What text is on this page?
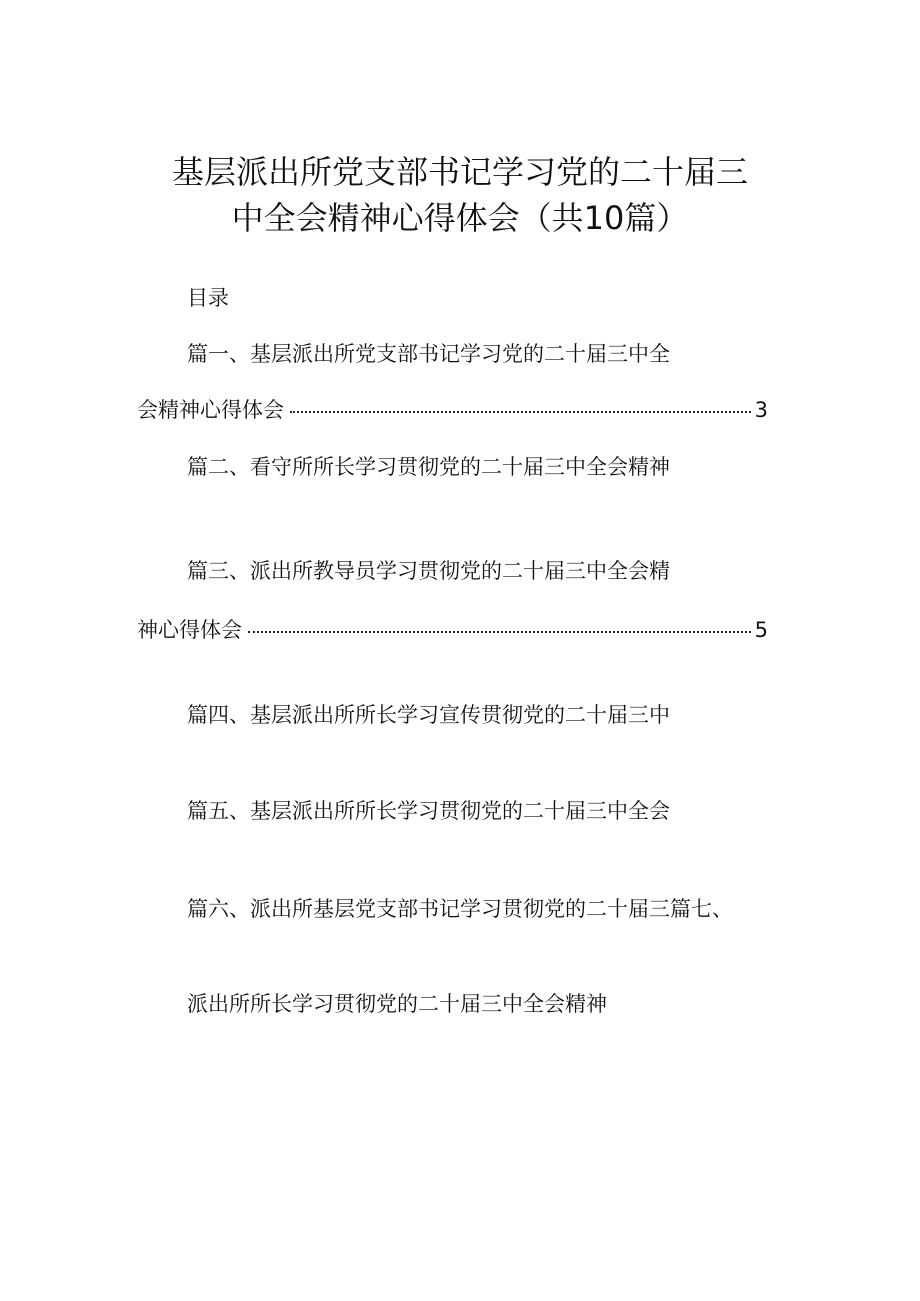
基层派出所党支部书记学习党的二十届三
中全会精神心得体会（共10篇）
目录
篇一、基层派出所党支部书记学习党的二十届三中全
会精神心得体会	3
篇二、看守所所长学习贯彻党的二十届三中全会精神
篇三、派出所教导员学习贯彻党的二十届三中全会精
神心得体会	5
篇四、基层派出所所长学习宣传贯彻党的二十届三中
篇五、基层派出所所长学习贯彻党的二十届三中全会
篇六、派出所基层党支部书记学习贯彻党的二十届三篇七、
派出所所长学习贯彻党的二十届三中全会精神
